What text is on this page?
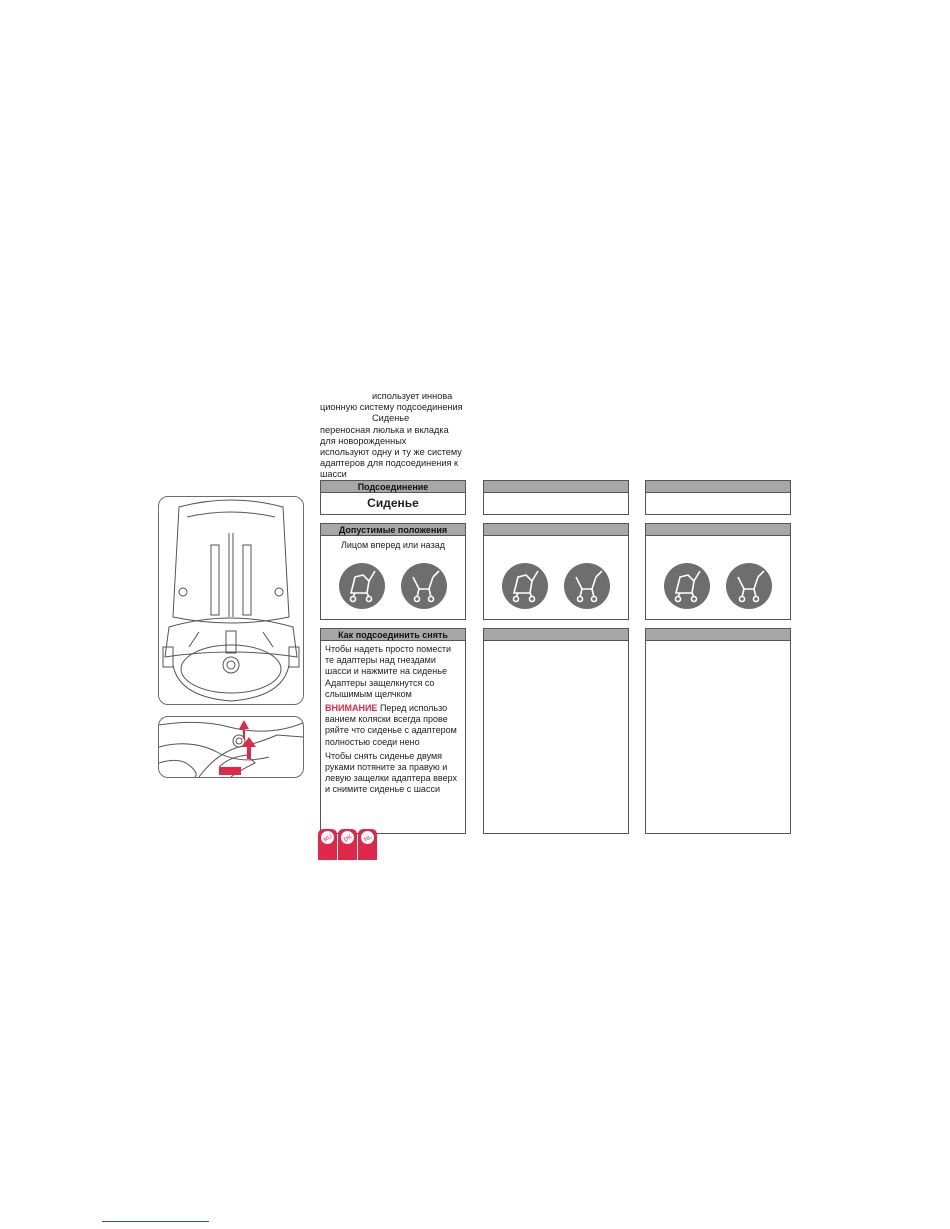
использует иннова
ционную систему подсоединения
Сиденье
переносная люлька и вкладка
для новорожденных
используют одну и ту же систему
адаптеров для подсоединения к
шасси
Подсоединение
Сиденье
Допустимые положения
Лицом вперед или назад
Как подсоединить снять

Чтобы надеть просто помести те адаптеры над гнездами шасси и нажмите на сиденье Адаптеры защелкнутся со слышимым щелчком

ВНИМАНИЕ Перед использо ванием коляски всегда прове ряйте что сиденье с адаптером полностью соеди нено

Чтобы снять сиденье двумя руками потяните за правую и левую защелки адаптера вверх и снимите сиденье с шасси

RU DK NL
